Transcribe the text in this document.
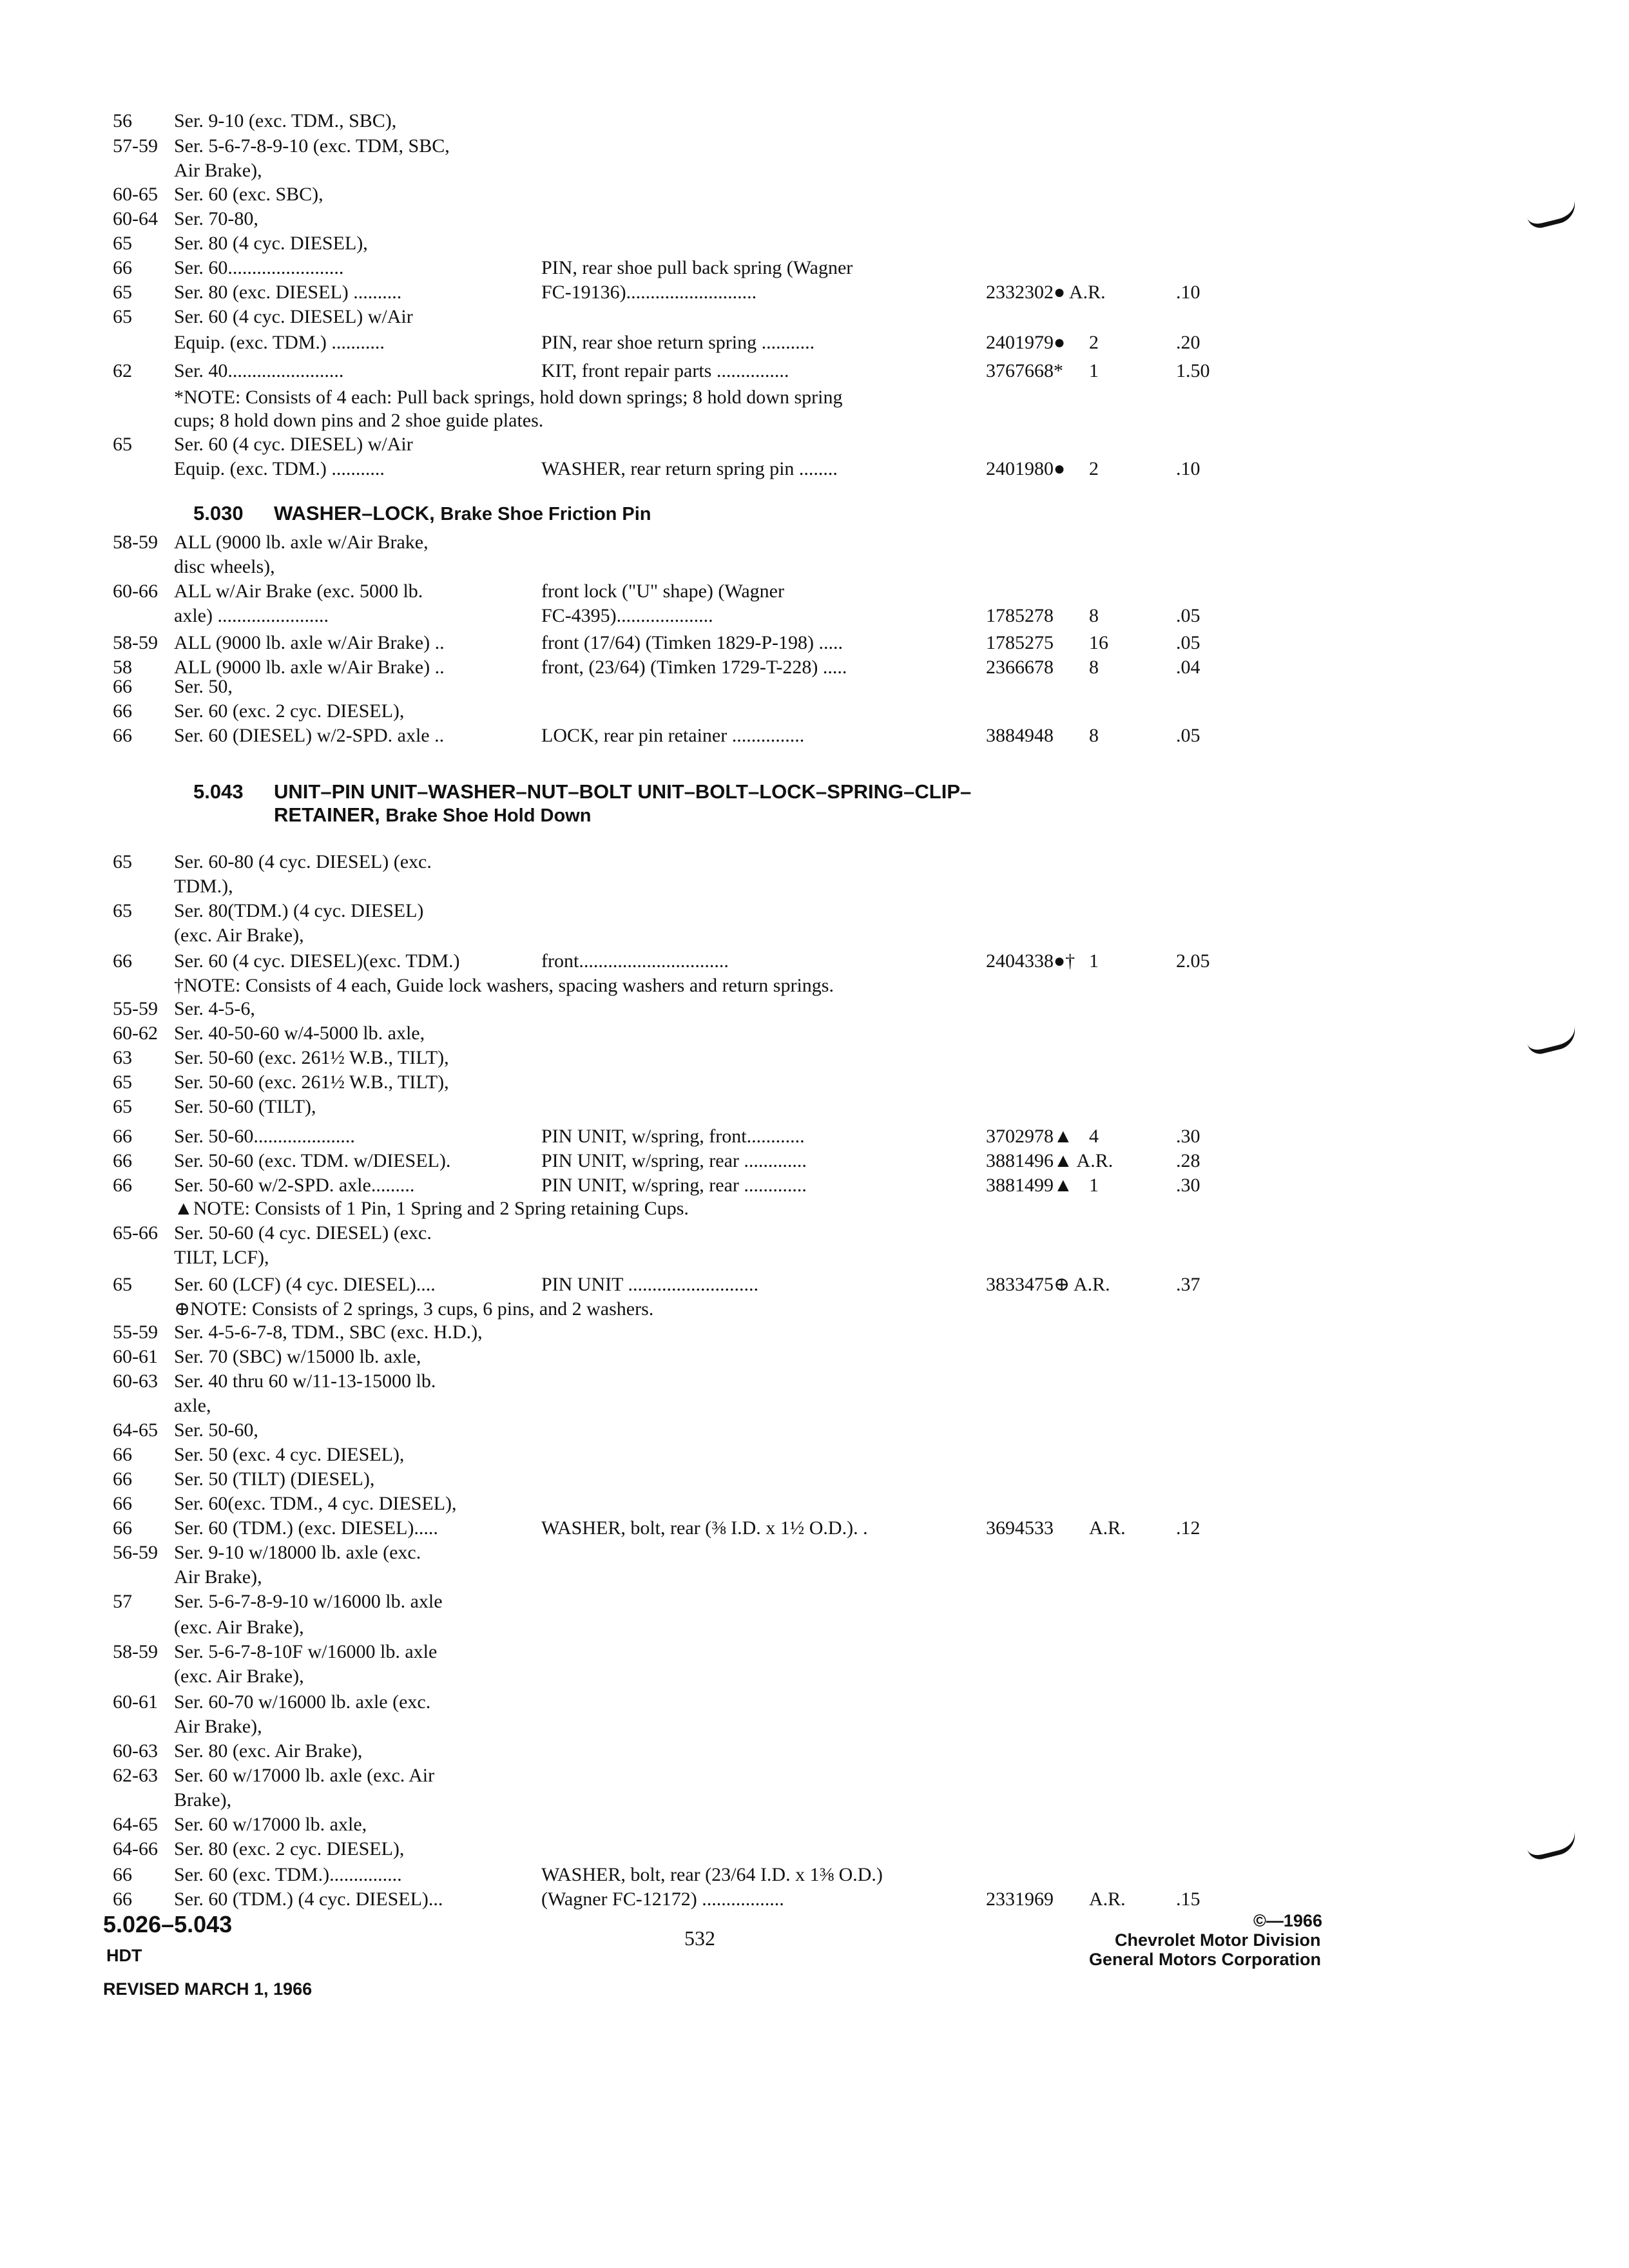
56 Ser. 9-10 (exc. TDM., SBC),
57-59 Ser. 5-6-7-8-9-10 (exc. TDM, SBC,
Air Brake),
60-65 Ser. 60 (exc. SBC),
60-64 Ser. 70-80,
65 Ser. 80 (4 cyc. DIESEL),
66 Ser. 60........................	PIN, rear shoe pull back spring (Wagner
65 Ser. 80 (exc. DIESEL) ..........	FC-19136)...........................	2332302● A.R.	.10
65 Ser. 60 (4 cyc. DIESEL) w/Air
Equip. (exc. TDM.) ...........	PIN, rear shoe return spring ...........	2401979● 2	.20
62 Ser. 40........................	KIT, front repair parts ...............	3767668* 1	1.50
*NOTE: Consists of 4 each: Pull back springs, hold down springs; 8 hold down spring
cups; 8 hold down pins and 2 shoe guide plates.
65 Ser. 60 (4 cyc. DIESEL) w/Air
Equip. (exc. TDM.) ...........	WASHER, rear return spring pin ........	2401980● 2	.10
58-59 ALL (9000 lb. axle w/Air Brake,
disc wheels),
60-66 ALL w/Air Brake (exc. 5000 lb.	front lock ("U" shape) (Wagner
axle) .......................	FC-4395)....................	1785278 8	.05
58-59 ALL (9000 lb. axle w/Air Brake) ..	front (17/64) (Timken 1829-P-198) .....	1785275 16	.05
58 ALL (9000 lb. axle w/Air Brake) ..	front, (23/64) (Timken 1729-T-228) .....	2366678 8	.04
66 Ser. 50,
66 Ser. 60 (exc. 2 cyc. DIESEL),
66 Ser. 60 (DIESEL) w/2-SPD. axle ..	LOCK, rear pin retainer ...............	3884948 8	.05
65 Ser. 60-80 (4 cyc. DIESEL) (exc.
TDM.),
65 Ser. 80(TDM.) (4 cyc. DIESEL)
(exc. Air Brake),
66 Ser. 60 (4 cyc. DIESEL)(exc. TDM.)	front...............................	2404338●† 1	2.05
†NOTE: Consists of 4 each, Guide lock washers, spacing washers and return springs.
55-59 Ser. 4-5-6,
60-62 Ser. 40-50-60 w/4-5000 lb. axle,
63 Ser. 50-60 (exc. 261½ W.B., TILT),
65 Ser. 50-60 (exc. 261½ W.B., TILT),
65 Ser. 50-60 (TILT),
66 Ser. 50-60.....................	PIN UNIT, w/spring, front............	3702978▲ 4	.30
66 Ser. 50-60 (exc. TDM. w/DIESEL).	PIN UNIT, w/spring, rear .............	3881496▲ A.R.	.28
66 Ser. 50-60 w/2-SPD. axle.........	PIN UNIT, w/spring, rear .............	3881499▲ 1	.30
▲NOTE: Consists of 1 Pin, 1 Spring and 2 Spring retaining Cups.
65-66 Ser. 50-60 (4 cyc. DIESEL) (exc.
TILT, LCF),
65 Ser. 60 (LCF) (4 cyc. DIESEL)....	PIN UNIT ...........................	3833475⊕ A.R.	.37
⊕NOTE: Consists of 2 springs, 3 cups, 6 pins, and 2 washers.
55-59 Ser. 4-5-6-7-8, TDM., SBC (exc. H.D.),
60-61 Ser. 70 (SBC) w/15000 lb. axle,
60-63 Ser. 40 thru 60 w/11-13-15000 lb.
axle,
64-65 Ser. 50-60,
66 Ser. 50 (exc. 4 cyc. DIESEL),
66 Ser. 50 (TILT) (DIESEL),
66 Ser. 60(exc. TDM., 4 cyc. DIESEL),
66 Ser. 60 (TDM.) (exc. DIESEL).....	WASHER, bolt, rear (⅜ I.D. x 1½ O.D.). .	3694533 A.R.	.12
56-59 Ser. 9-10 w/18000 lb. axle (exc.
Air Brake),
57 Ser. 5-6-7-8-9-10 w/16000 lb. axle
(exc. Air Brake),
58-59 Ser. 5-6-7-8-10F w/16000 lb. axle
(exc. Air Brake),
60-61 Ser. 60-70 w/16000 lb. axle (exc.
Air Brake),
60-63 Ser. 80 (exc. Air Brake),
62-63 Ser. 60 w/17000 lb. axle (exc. Air
Brake),
64-65 Ser. 60 w/17000 lb. axle,
64-66 Ser. 80 (exc. 2 cyc. DIESEL),
66 Ser. 60 (exc. TDM.)...............	WASHER, bolt, rear (23/64 I.D. x 1⅜ O.D.)
66 Ser. 60 (TDM.) (4 cyc. DIESEL)...	(Wagner FC-12172) .................	2331969 A.R.	.15
5.030 WASHER–LOCK, Brake Shoe Friction Pin
5.043 UNIT–PIN UNIT–WASHER–NUT–BOLT UNIT–BOLT–LOCK–SPRING–CLIP–
RETAINER, Brake Shoe Hold Down
5.026–5.043
HDT
REVISED MARCH 1, 1966
532
©—1966
Chevrolet Motor Division
General Motors Corporation
